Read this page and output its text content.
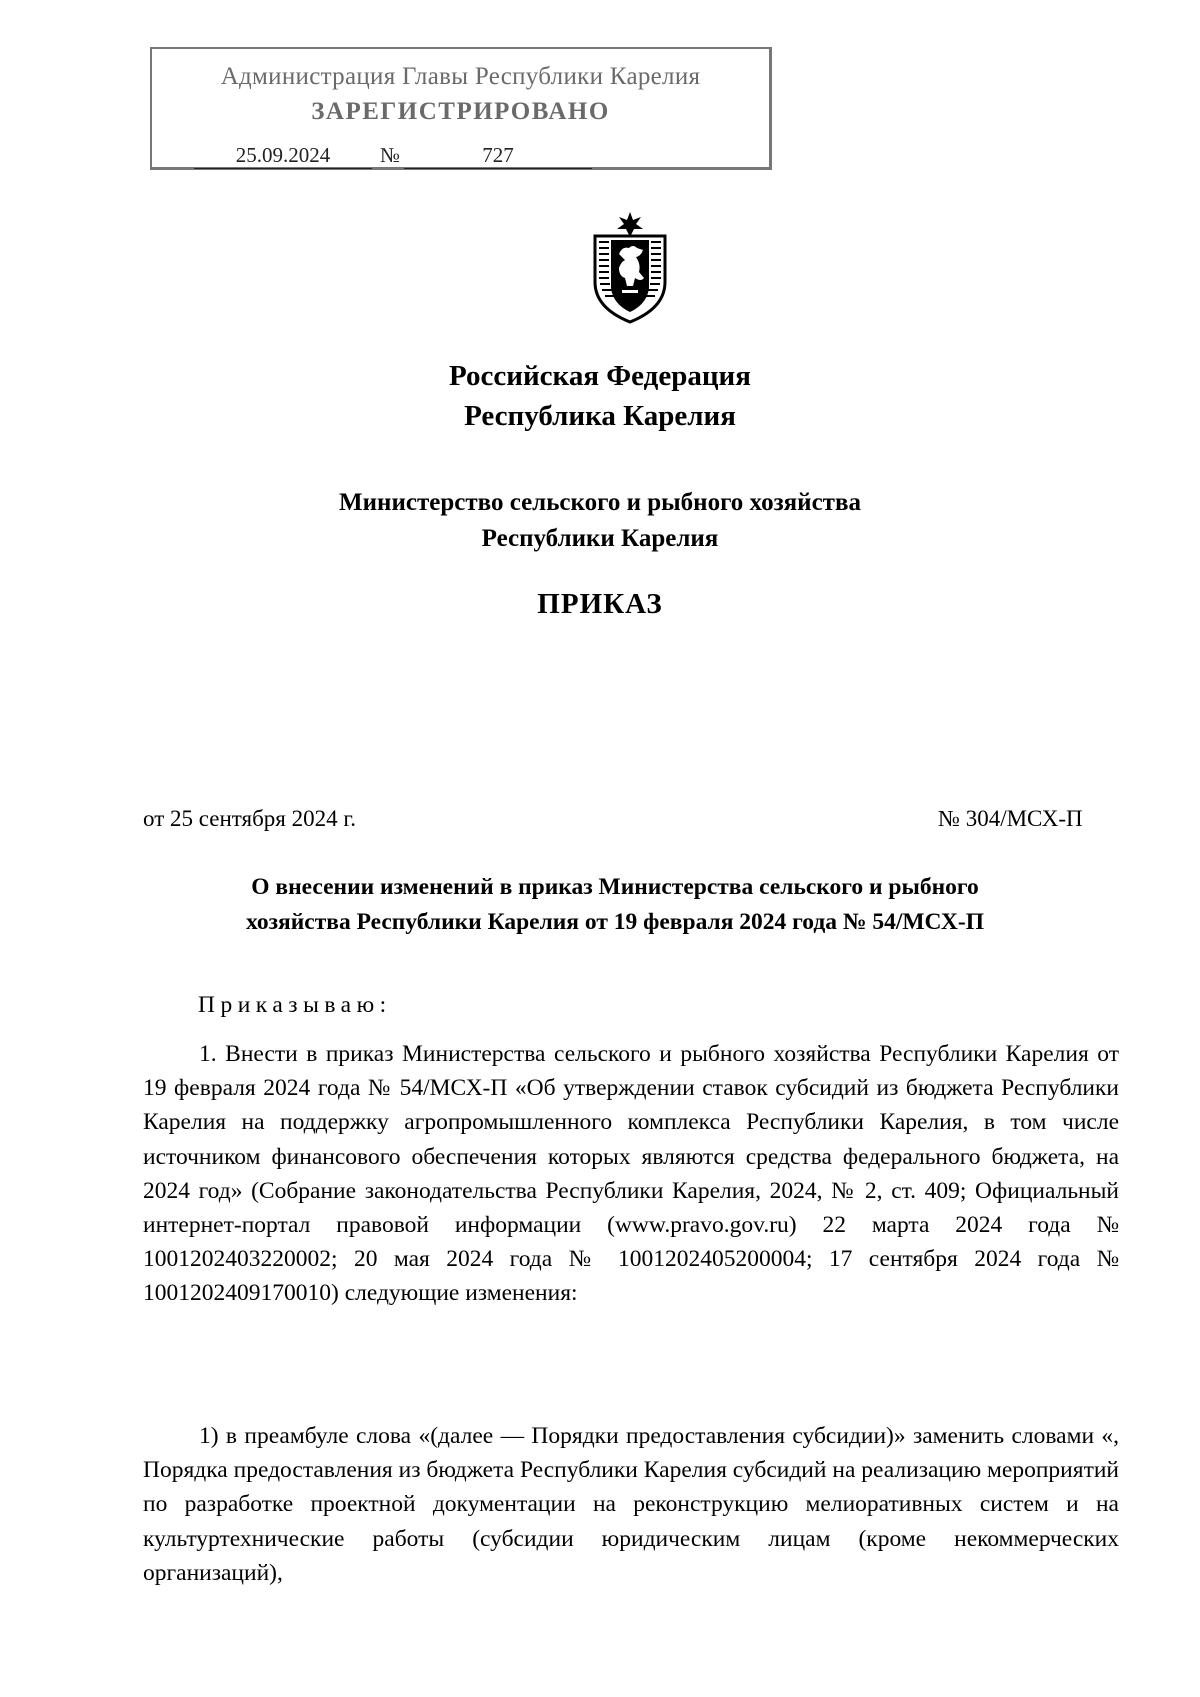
Администрация Главы Республики Карелия
ЗАРЕГИСТРИРОВАНО
25.09.2024	№	727
Российская Федерация
Республика Карелия
Министерство сельского и рыбного хозяйства
Республики Карелия
ПРИКАЗ
от 25 сентября 2024 г.	№ 304/МСХ-П
О внесении изменений в приказ Министерства сельского и рыбного
хозяйства Республики Карелия от 19 февраля 2024 года № 54/МСХ-П
Приказываю:

1. Внести в приказ Министерства сельского и рыбного хозяйства Республики Карелия от 19 февраля 2024 года № 54/МСХ-П «Об утверждении ставок субсидий из бюджета Республики Карелия на поддержку агропромышленного комплекса Республики Карелия, в том числе источником финансового обеспечения которых являются средства федерального бюджета, на 2024 год» (Собрание законодательства Республики Карелия, 2024, № 2, ст. 409; Официальный интернет-портал правовой информации (www.pravo.gov.ru) 22 марта 2024 года № 1001202403220002; 20 мая 2024 года № 1001202405200004; 17 сентября 2024 года № 1001202409170010) следующие изменения:

1) в преамбуле слова «(далее — Порядки предоставления субсидии)» заменить словами «, Порядка предоставления из бюджета Республики Карелия субсидий на реализацию мероприятий по разработке проектной документации на реконструкцию мелиоративных систем и на культуртехнические работы (субсидии юридическим лицам (кроме некоммерческих организаций),
